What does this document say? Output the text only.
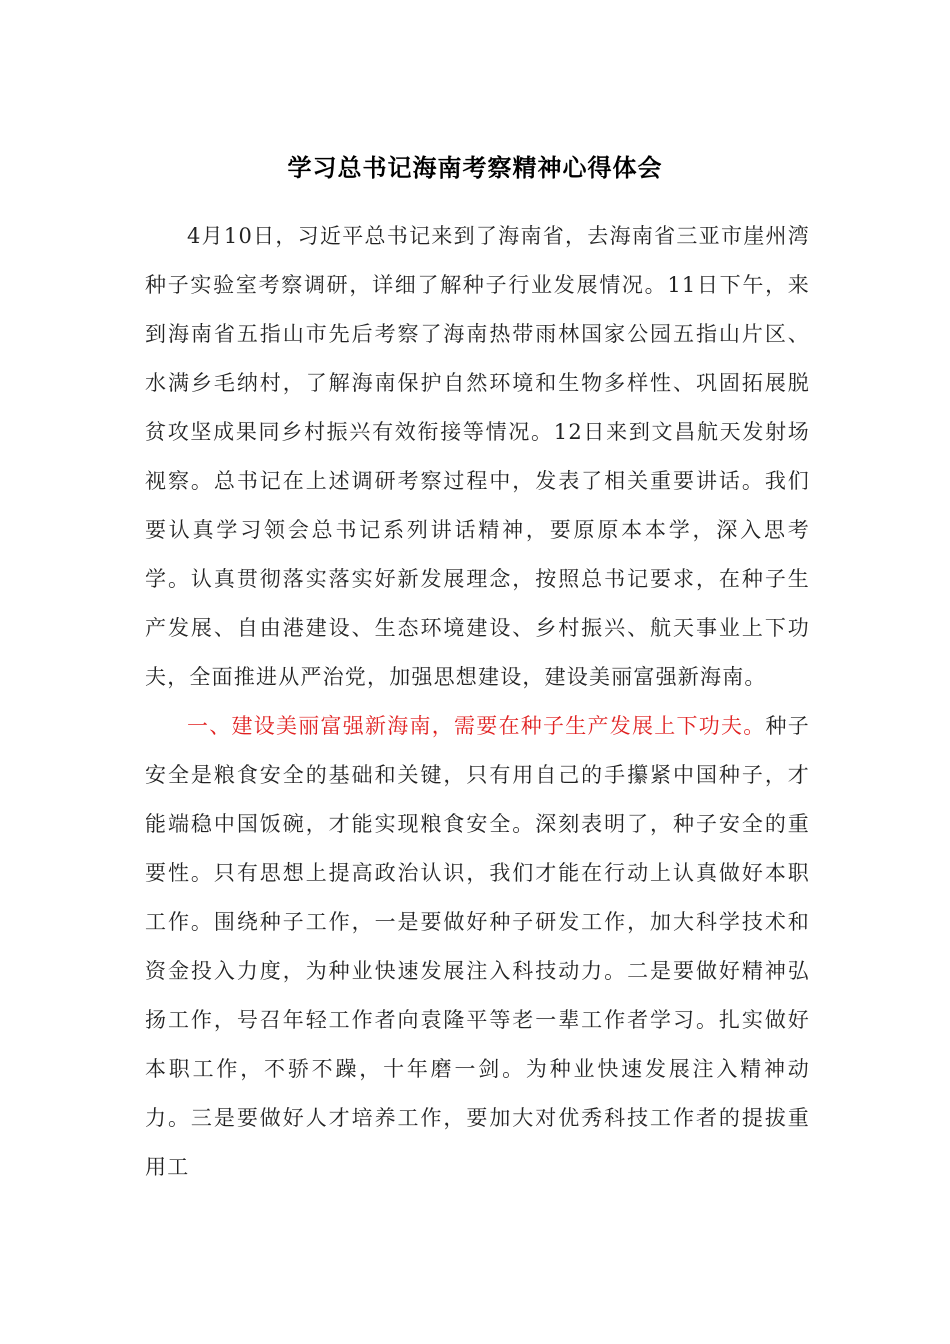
学习总书记海南考察精神心得体会

4月10日，习近平总书记来到了海南省，去海南省三亚市崖州湾种子实验室考察调研，详细了解种子行业发展情况。11日下午，来到海南省五指山市先后考察了海南热带雨林国家公园五指山片区、水满乡毛纳村，了解海南保护自然环境和生物多样性、巩固拓展脱贫攻坚成果同乡村振兴有效衔接等情况。12日来到文昌航天发射场视察。总书记在上述调研考察过程中，发表了相关重要讲话。我们要认真学习领会总书记系列讲话精神，要原原本本学，深入思考学。认真贯彻落实落实好新发展理念，按照总书记要求，在种子生产发展、自由港建设、生态环境建设、乡村振兴、航天事业上下功夫，全面推进从严治党，加强思想建设，建设美丽富强新海南。

一、建设美丽富强新海南，需要在种子生产发展上下功夫。种子安全是粮食安全的基础和关键，只有用自己的手攥紧中国种子，才能端稳中国饭碗，才能实现粮食安全。深刻表明了，种子安全的重要性。只有思想上提高政治认识，我们才能在行动上认真做好本职工作。围绕种子工作，一是要做好种子研发工作，加大科学技术和资金投入力度，为种业快速发展注入科技动力。二是要做好精神弘扬工作，号召年轻工作者向袁隆平等老一辈工作者学习。扎实做好本职工作，不骄不躁，十年磨一剑。为种业快速发展注入精神动力。三是要做好人才培养工作，要加大对优秀科技工作者的提拔重用工
